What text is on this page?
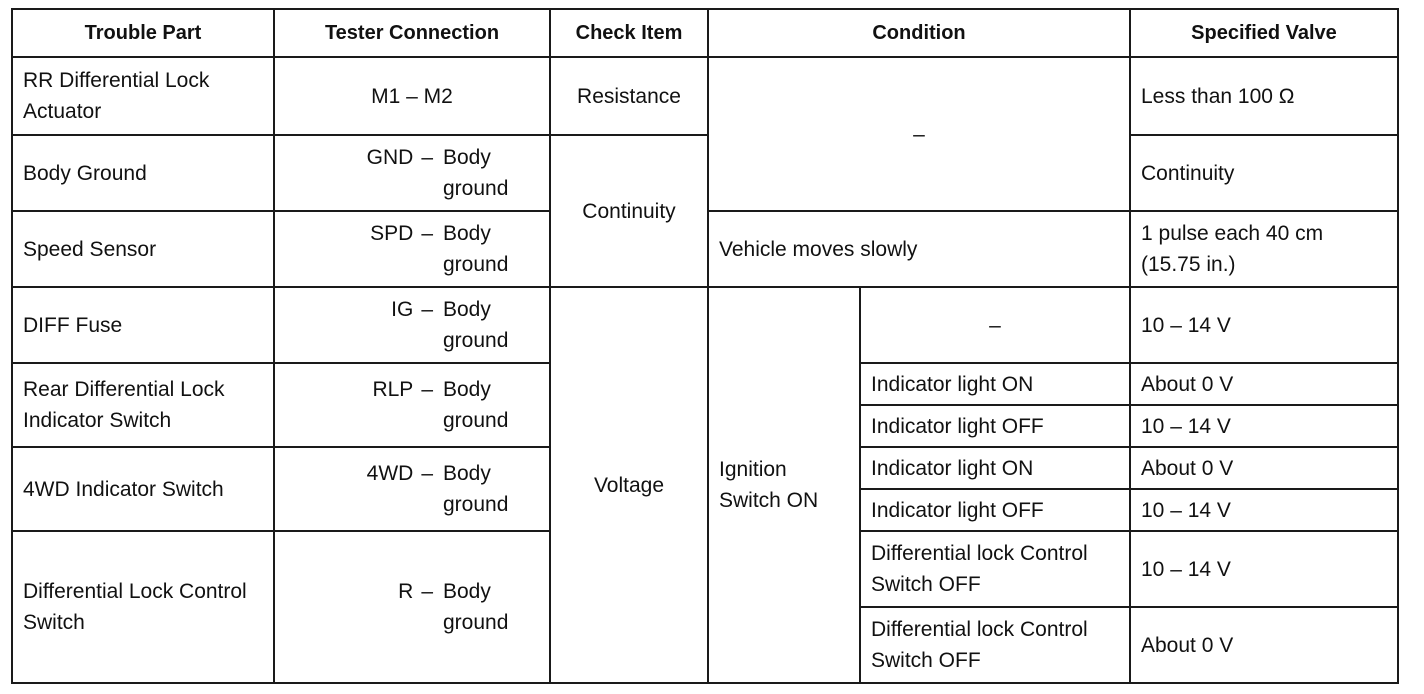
Trouble Part	Tester Connection	Check Item	Condition		Specified Valve
RR Differential Lock Actuator	M1 – M2	Resistance	–		Less than 100 Ω
Body Ground	GND – Body ground	Continuity			Continuity
Speed Sensor	SPD – Body ground		Vehicle moves slowly		1 pulse each 40 cm (15.75 in.)
DIFF Fuse	IG – Body ground	Voltage	Ignition Switch ON	–	10 – 14 V
Rear Differential Lock Indicator Switch	RLP – Body ground			Indicator light ON	About 0 V
				Indicator light OFF	10 – 14 V
4WD Indicator Switch	4WD – Body ground			Indicator light ON	About 0 V
				Indicator light OFF	10 – 14 V
Differential Lock Control Switch	R – Body ground			Differential lock Control Switch OFF	10 – 14 V
				Differential lock Control Switch OFF	About 0 V
